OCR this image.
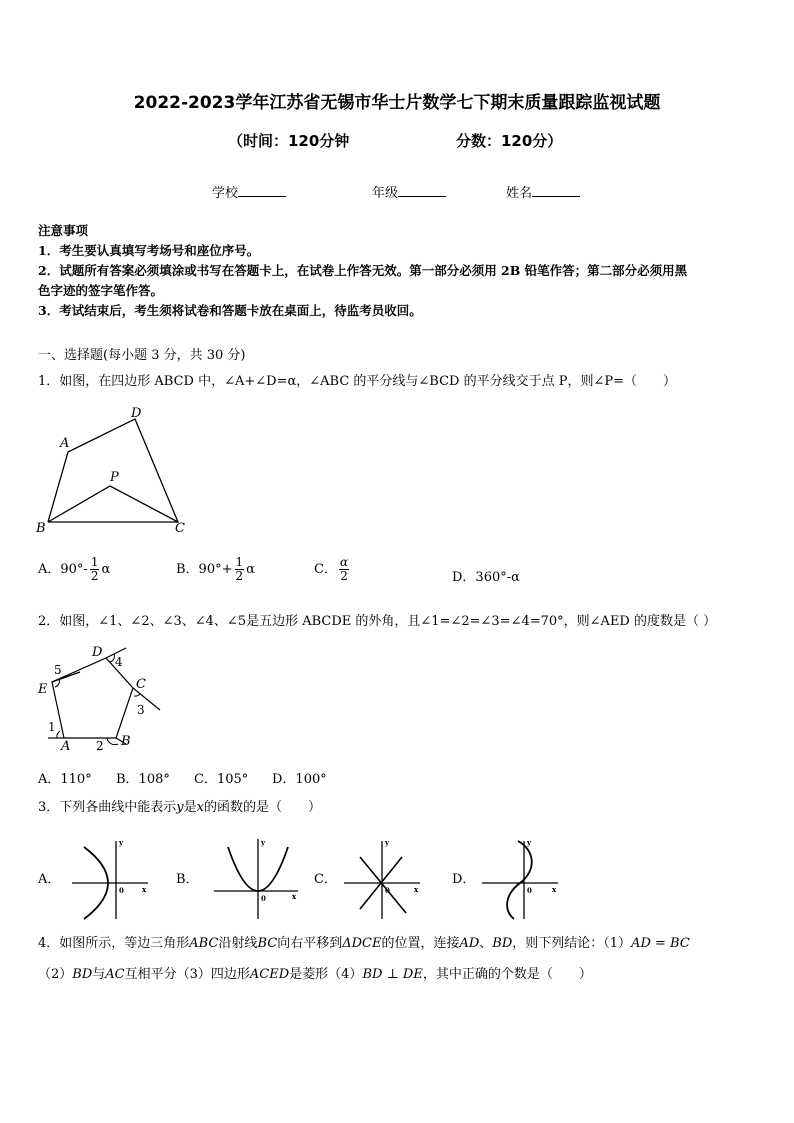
2022-2023学年江苏省无锡市华士片数学七下期末质量跟踪监视试题
（时间：120分钟	分数：120分）
学校	年级	姓名
注意事项
1．考生要认真填写考场号和座位序号。
2．试题所有答案必须填涂或书写在答题卡上，在试卷上作答无效。第一部分必须用 2B 铅笔作答；第二部分必须用黑
色字迹的签字笔作答。
3．考试结束后，考生须将试卷和答题卡放在桌面上，待监考员收回。
一、选择题(每小题 3 分，共 30 分)
1．如图，在四边形 ABCD 中，∠A+∠D=α，∠ABC 的平分线与∠BCD 的平分线交于点 P，则∠P=（　　）
A
D
P
B	C
A．$90^\circ- \frac{1}{2}$ α	B．$90^\circ+ \frac{1}{2}$ α	C． $\frac{\alpha}{2}$	D．360°-α
2．如图，∠1、∠2、∠3、∠4、∠5是五边形 ABCDE 的外角，且∠1=∠2=∠3=∠4=70°，则∠AED 的度数是（ ）
E
D
C
B
A
1
2
3
4
5
A．110° B．108° C．105° D．100°
3．下列各曲线中能表示y是x的函数的是（　　）
A．
y
x
0
B．
y
x
0
C．
y
x
0
D．
y
x
0
4．如图所示，等边三角形ABC沿射线BC向右平移到ΔDCE的位置，连接AD、BD，则下列结论：（1）AD = BC
（2）BD与AC互相平分（3）四边形ACED是菱形（4）BD ⊥ DE，其中正确的个数是（　　）
